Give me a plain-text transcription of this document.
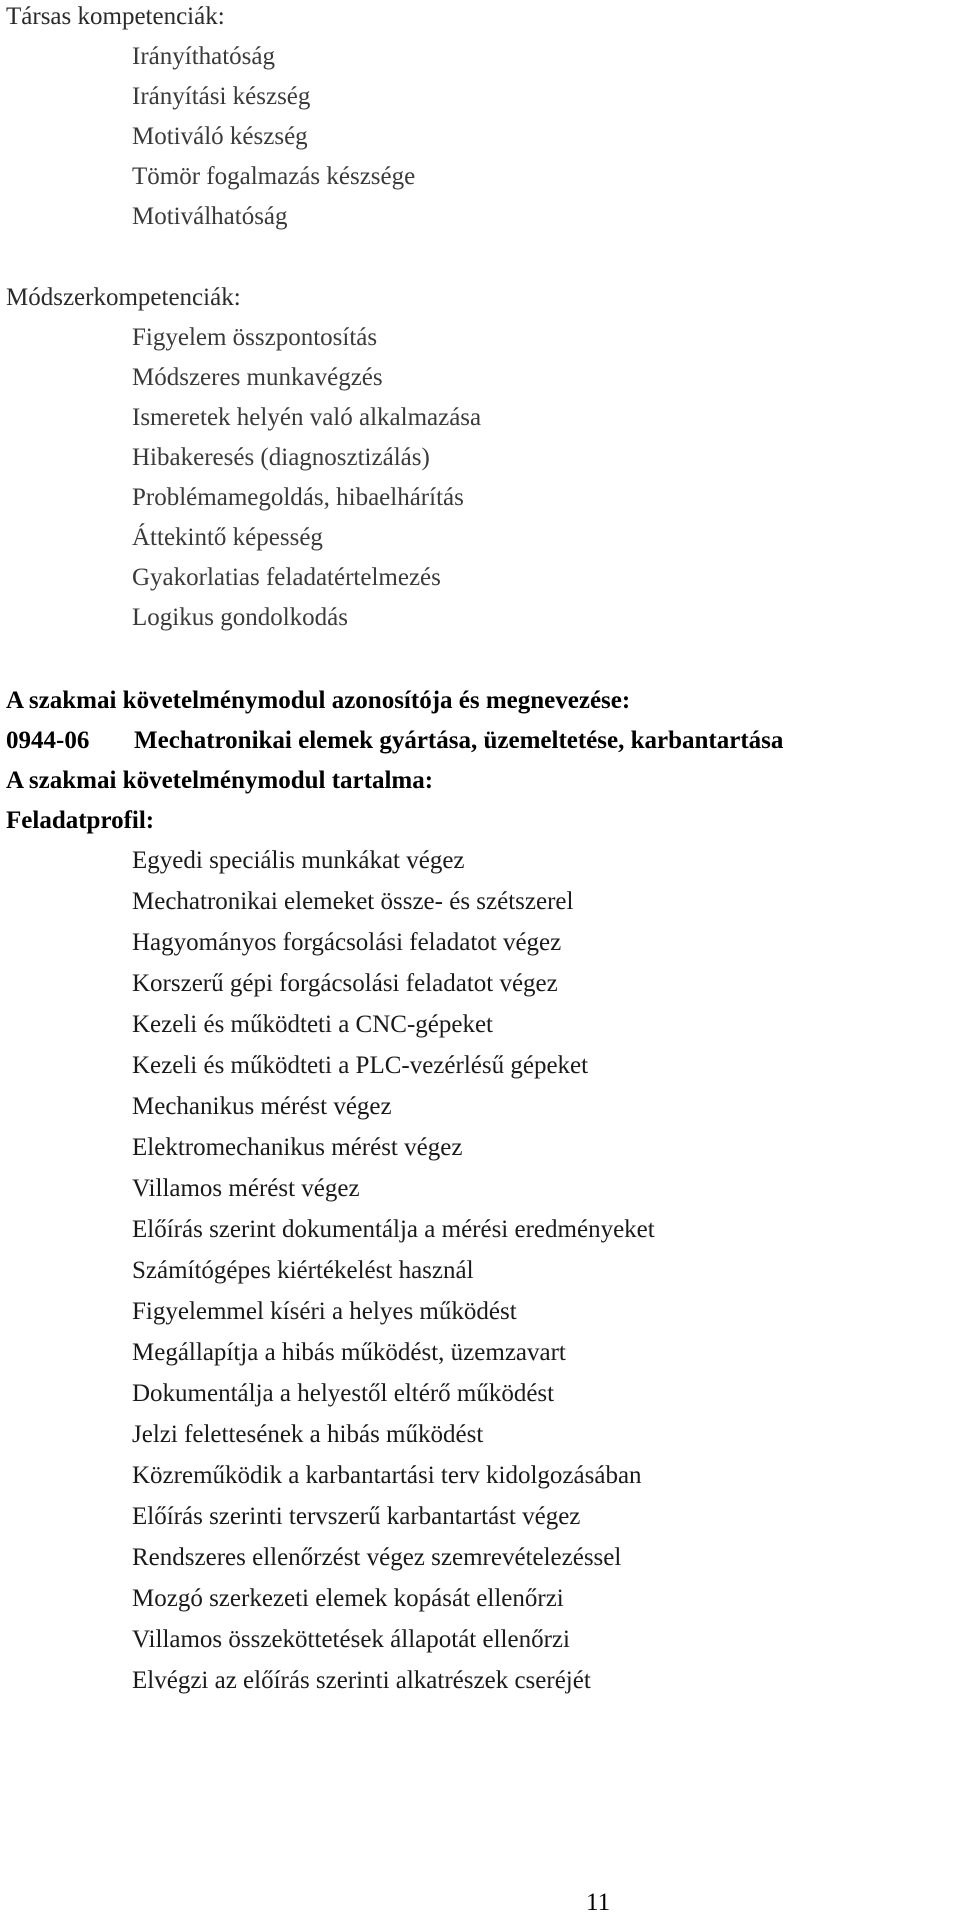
Társas kompetenciák:
Irányíthatóság
Irányítási készség
Motiváló készség
Tömör fogalmazás készsége
Motiválhatóság
Módszerkompetenciák:
Figyelem összpontosítás
Módszeres munkavégzés
Ismeretek helyén való alkalmazása
Hibakeresés (diagnosztizálás)
Problémamegoldás, hibaelhárítás
Áttekintő képesség
Gyakorlatias feladatértelmezés
Logikus gondolkodás
A szakmai követelménymodul azonosítója és megnevezése:
0944-06 Mechatronikai elemek gyártása, üzemeltetése, karbantartása
A szakmai követelménymodul tartalma:
Feladatprofil:
Egyedi speciális munkákat végez
Mechatronikai elemeket össze- és szétszerel
Hagyományos forgácsolási feladatot végez
Korszerű gépi forgácsolási feladatot végez
Kezeli és működteti a CNC-gépeket
Kezeli és működteti a PLC-vezérlésű gépeket
Mechanikus mérést végez
Elektromechanikus mérést végez
Villamos mérést végez
Előírás szerint dokumentálja a mérési eredményeket
Számítógépes kiértékelést használ
Figyelemmel kíséri a helyes működést
Megállapítja a hibás működést, üzemzavart
Dokumentálja a helyestől eltérő működést
Jelzi felettesének a hibás működést
Közreműködik a karbantartási terv kidolgozásában
Előírás szerinti tervszerű karbantartást végez
Rendszeres ellenőrzést végez szemrevételezéssel
Mozgó szerkezeti elemek kopását ellenőrzi
Villamos összeköttetések állapotát ellenőrzi
Elvégzi az előírás szerinti alkatrészek cseréjét
11
